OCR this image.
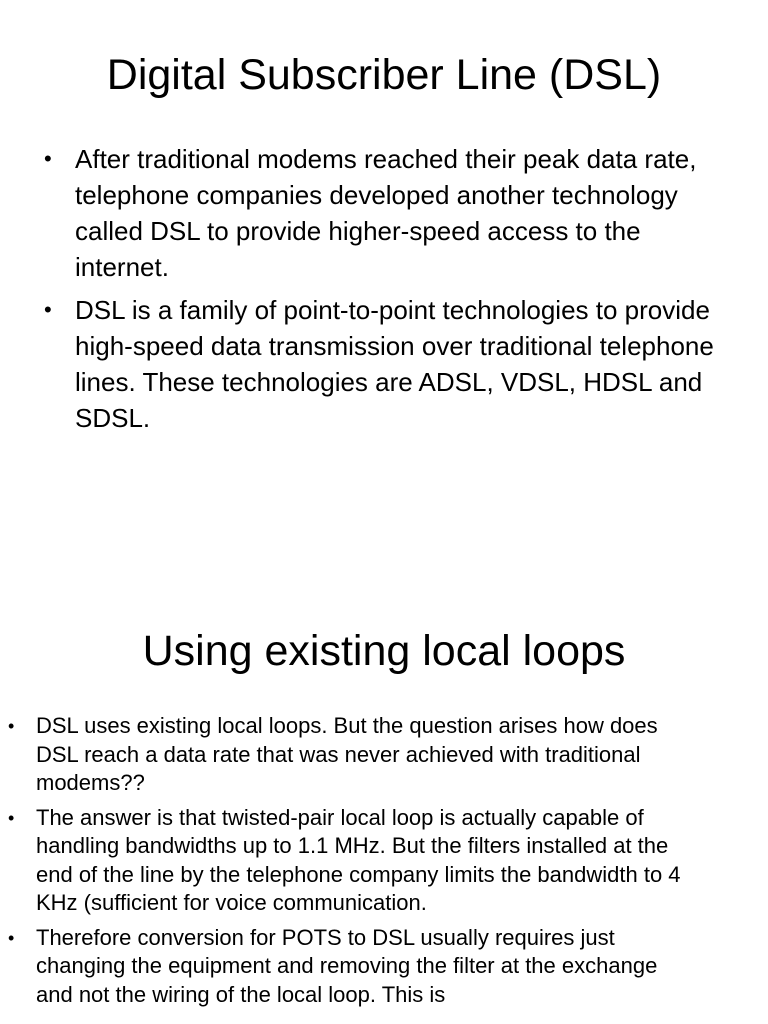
Digital Subscriber Line (DSL)
• After traditional modems reached their peak data rate, telephone companies developed another technology called DSL to provide higher-speed access to the internet.
• DSL is a family of point-to-point technologies to provide high-speed data transmission over traditional telephone lines. These technologies are ADSL, VDSL, HDSL and SDSL.
Using existing local loops
• DSL uses existing local loops. But the question arises how does DSL reach a data rate that was never achieved with traditional modems??
• The answer is that twisted-pair local loop is actually capable of handling bandwidths up to 1.1 MHz. But the filters installed at the end of the line by the telephone company limits the bandwidth to 4 KHz (sufficient for voice communication.
• Therefore conversion for POTS to DSL usually requires just changing the equipment and removing the filter at the exchange and not the wiring of the local loop. This is
